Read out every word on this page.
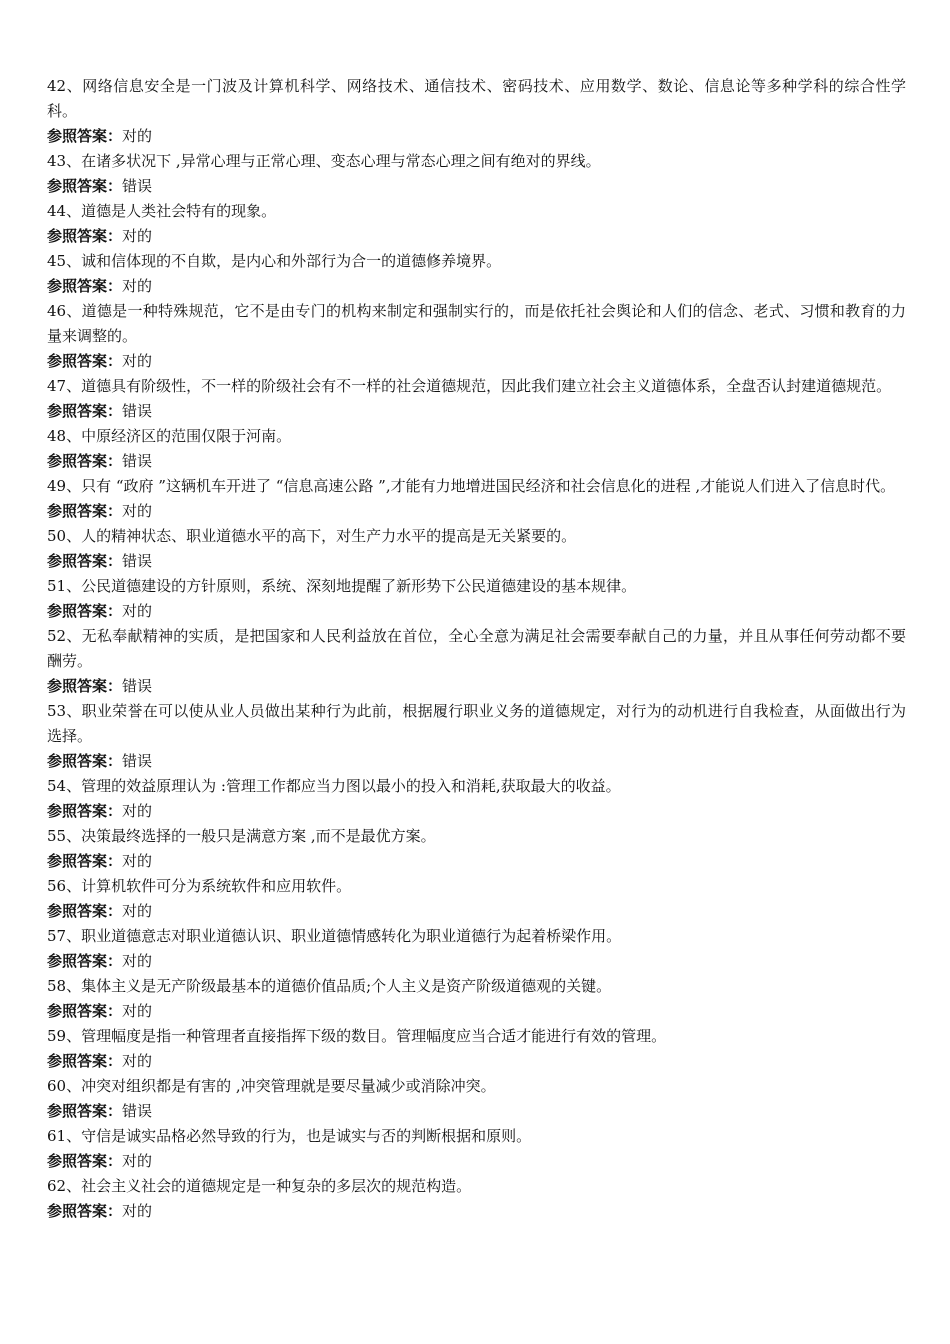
42、网络信息安全是一门波及计算机科学、网络技术、通信技术、密码技术、应用数学、数论、信息论等多种学科的综合性学科。

参照答案：对的

43、在诸多状况下 ,异常心理与正常心理、变态心理与常态心理之间有绝对的界线。

参照答案：错误

44、道德是人类社会特有的现象。

参照答案：对的

45、诚和信体现的不自欺，是内心和外部行为合一的道德修养境界。

参照答案：对的

46、道德是一种特殊规范，它不是由专门的机构来制定和强制实行的，而是依托社会舆论和人们的信念、老式、习惯和教育的力量来调整的。

参照答案：对的

47、道德具有阶级性，不一样的阶级社会有不一样的社会道德规范，因此我们建立社会主义道德体系，全盘否认封建道德规范。

参照答案：错误

48、中原经济区的范围仅限于河南。

参照答案：错误

49、只有 “政府 ”这辆机车开进了 “信息高速公路 ”,才能有力地增进国民经济和社会信息化的进程 ,才能说人们进入了信息时代。

参照答案：对的

50、人的精神状态、职业道德水平的高下，对生产力水平的提高是无关紧要的。

参照答案：错误

51、公民道德建设的方针原则，系统、深刻地提醒了新形势下公民道德建设的基本规律。

参照答案：对的

52、无私奉献精神的实质，是把国家和人民利益放在首位，全心全意为满足社会需要奉献自己的力量，并且从事任何劳动都不要酬劳。

参照答案：错误

53、职业荣誉在可以使从业人员做出某种行为此前，根据履行职业义务的道德规定，对行为的动机进行自我检查，从面做出行为选择。

参照答案：错误

54、管理的效益原理认为 :管理工作都应当力图以最小的投入和消耗,获取最大的收益。

参照答案：对的

55、决策最终选择的一般只是满意方案 ,而不是最优方案。

参照答案：对的

56、计算机软件可分为系统软件和应用软件。

参照答案：对的

57、职业道德意志对职业道德认识、职业道德情感转化为职业道德行为起着桥梁作用。

参照答案：对的

58、集体主义是无产阶级最基本的道德价值品质;个人主义是资产阶级道德观的关键。

参照答案：对的

59、管理幅度是指一种管理者直接指挥下级的数目。管理幅度应当合适才能进行有效的管理。

参照答案：对的

60、冲突对组织都是有害的 ,冲突管理就是要尽量减少或消除冲突。

参照答案：错误

61、守信是诚实品格必然导致的行为，也是诚实与否的判断根据和原则。

参照答案：对的

62、社会主义社会的道德规定是一种复杂的多层次的规范构造。

参照答案：对的
